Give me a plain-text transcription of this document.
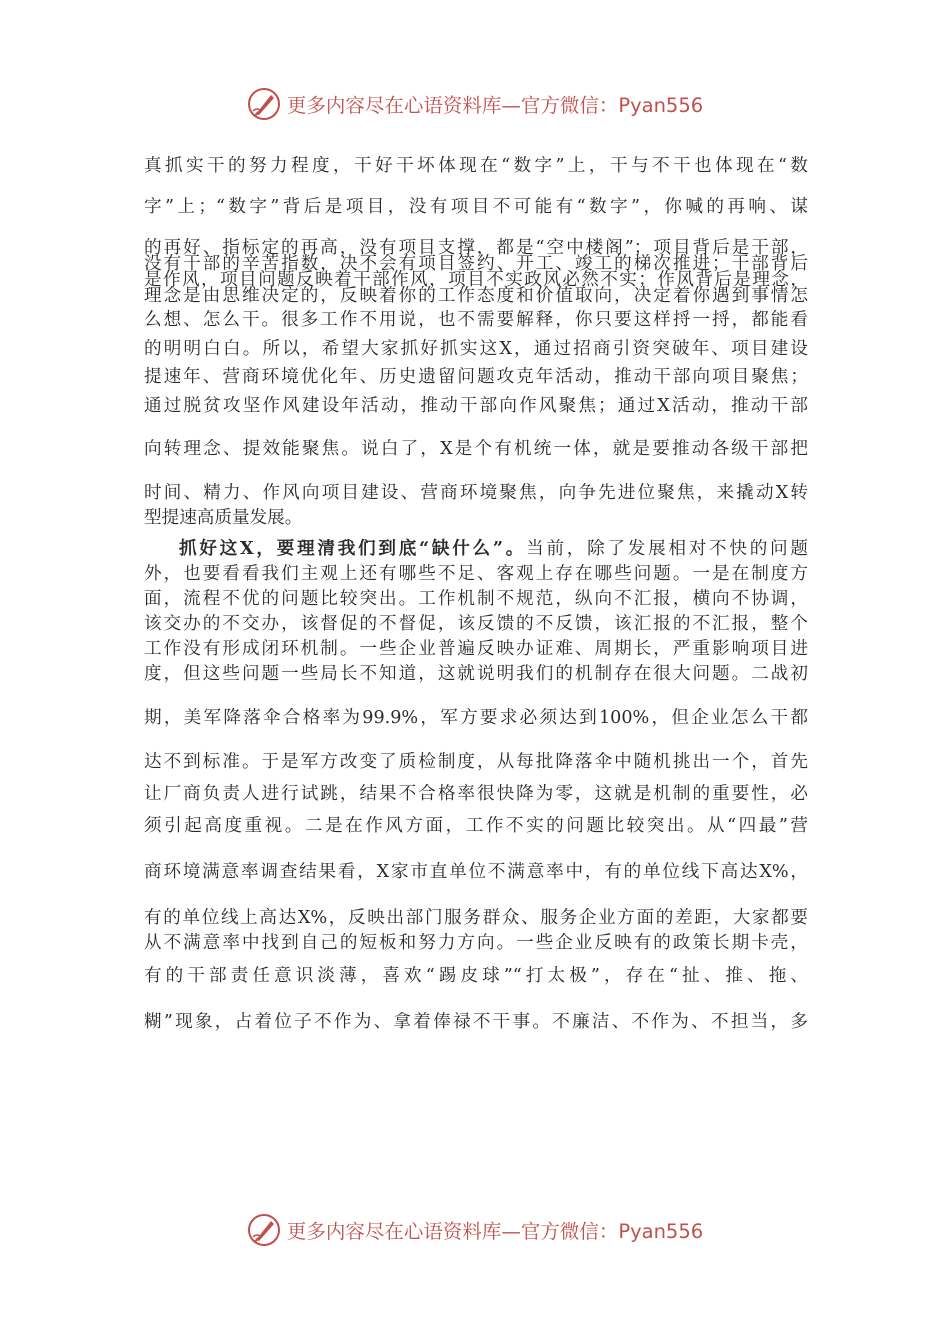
更多内容尽在心语资料库—官方微信：Pyan556
真抓实干的努力程度，干好干坏体现在“数字”上，干与不干也体现在“数
字”上；“数字”背后是项目，没有项目不可能有“数字”，你喊的再响、谋
的再好、指标定的再高，没有项目支撑，都是“空中楼阁”；项目背后是干部，
没有干部的辛苦指数，决不会有项目签约、开工、竣工的梯次推进；干部背后
是作风，项目问题反映着干部作风，项目不实政风必然不实；作风背后是理念，
理念是由思维决定的，反映着你的工作态度和价值取向，决定着你遇到事情怎
么想、怎么干。很多工作不用说，也不需要解释，你只要这样捋一捋，都能看
的明明白白。所以，希望大家抓好抓实这X，通过招商引资突破年、项目建设
提速年、营商环境优化年、历史遗留问题攻克年活动，推动干部向项目聚焦；
通过脱贫攻坚作风建设年活动，推动干部向作风聚焦；通过X活动，推动干部
向转理念、提效能聚焦。说白了，X是个有机统一体，就是要推动各级干部把
时间、精力、作风向项目建设、营商环境聚焦，向争先进位聚焦，来撬动X转
型提速高质量发展。
抓好这X，要理清我们到底“缺什么”。当前，除了发展相对不快的问题
外，也要看看我们主观上还有哪些不足、客观上存在哪些问题。一是在制度方
面，流程不优的问题比较突出。工作机制不规范，纵向不汇报，横向不协调，
该交办的不交办，该督促的不督促，该反馈的不反馈，该汇报的不汇报，整个
工作没有形成闭环机制。一些企业普遍反映办证难、周期长，严重影响项目进
度，但这些问题一些局长不知道，这就说明我们的机制存在很大问题。二战初
期，美军降落伞合格率为99.9%，军方要求必须达到100%，但企业怎么干都
达不到标准。于是军方改变了质检制度，从每批降落伞中随机挑出一个，首先
让厂商负责人进行试跳，结果不合格率很快降为零，这就是机制的重要性，必
须引起高度重视。二是在作风方面，工作不实的问题比较突出。从“四最”营
商环境满意率调查结果看，X家市直单位不满意率中，有的单位线下高达X%，
有的单位线上高达X%，反映出部门服务群众、服务企业方面的差距，大家都要
从不满意率中找到自己的短板和努力方向。一些企业反映有的政策长期卡壳，
有的干部责任意识淡薄，喜欢“踢皮球”“打太极”，存在“扯、推、拖、
糊”现象，占着位子不作为、拿着俸禄不干事。不廉洁、不作为、不担当，多
更多内容尽在心语资料库—官方微信：Pyan556
